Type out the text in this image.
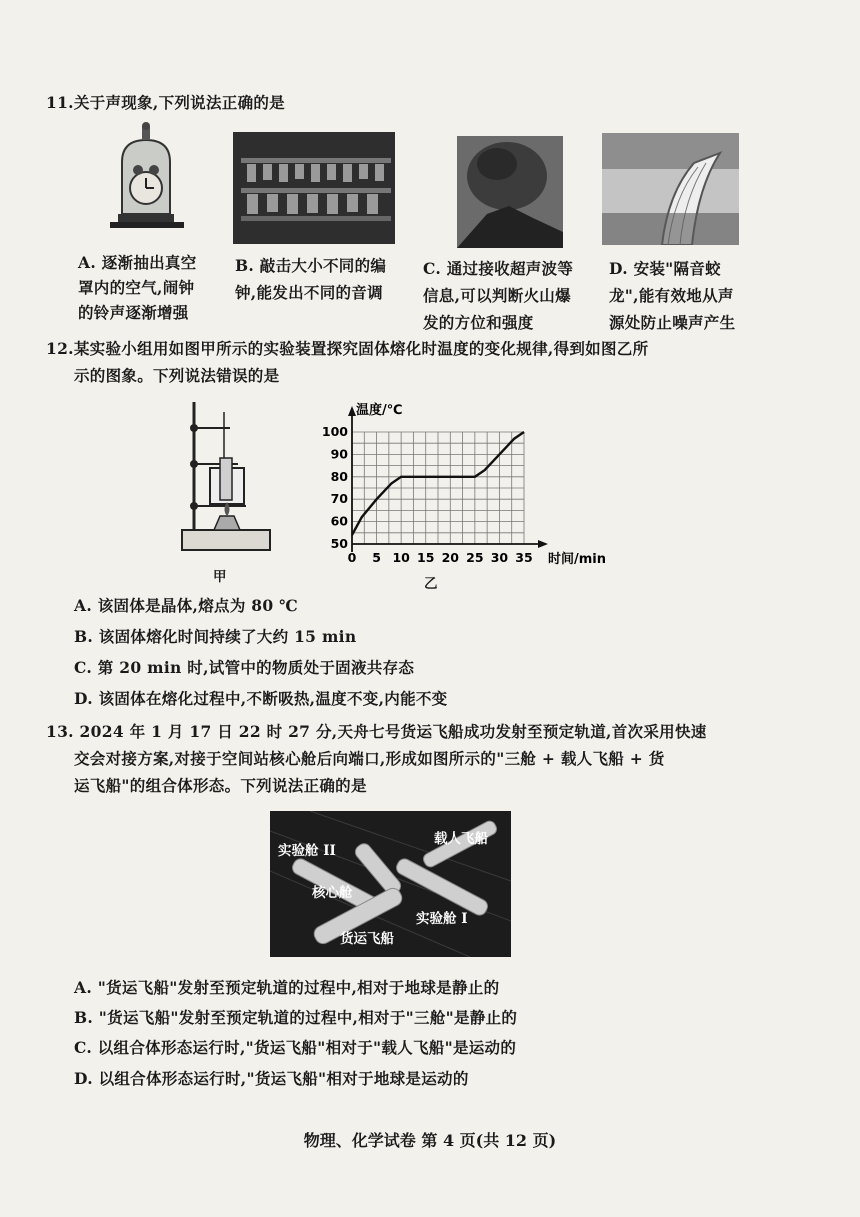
11.关于声现象,下列说法正确的是
A. 逐渐抽出真空
罩内的空气,闹钟
的铃声逐渐增强
B. 敲击大小不同的编
钟,能发出不同的音调
C. 通过接收超声波等
信息,可以判断火山爆
发的方位和强度
D. 安装"隔音蛟
龙",能有效地从声
源处防止噪声产生
12.某实验小组用如图甲所示的实验装置探究固体熔化时温度的变化规律,得到如图乙所
示的图象。下列说法错误的是
甲
0 5 10 15 20 25 30 35
50
60
70
80
90
100
温度/℃
时间/min
乙
A. 该固体是晶体,熔点为 80 ℃
B. 该固体熔化时间持续了大约 15 min
C. 第 20 min 时,试管中的物质处于固液共存态
D. 该固体在熔化过程中,不断吸热,温度不变,内能不变
13. 2024 年 1 月 17 日 22 时 27 分,天舟七号货运飞船成功发射至预定轨道,首次采用快速
交会对接方案,对接于空间站核心舱后向端口,形成如图所示的"三舱 + 载人飞船 + 货
运飞船"的组合体形态。下列说法正确的是
实验舱 II
载人飞船
核心舱
实验舱 I
货运飞船
A. "货运飞船"发射至预定轨道的过程中,相对于地球是静止的
B. "货运飞船"发射至预定轨道的过程中,相对于"三舱"是静止的
C. 以组合体形态运行时,"货运飞船"相对于"载人飞船"是运动的
D. 以组合体形态运行时,"货运飞船"相对于地球是运动的
物理、化学试卷 第 4 页(共 12 页)
